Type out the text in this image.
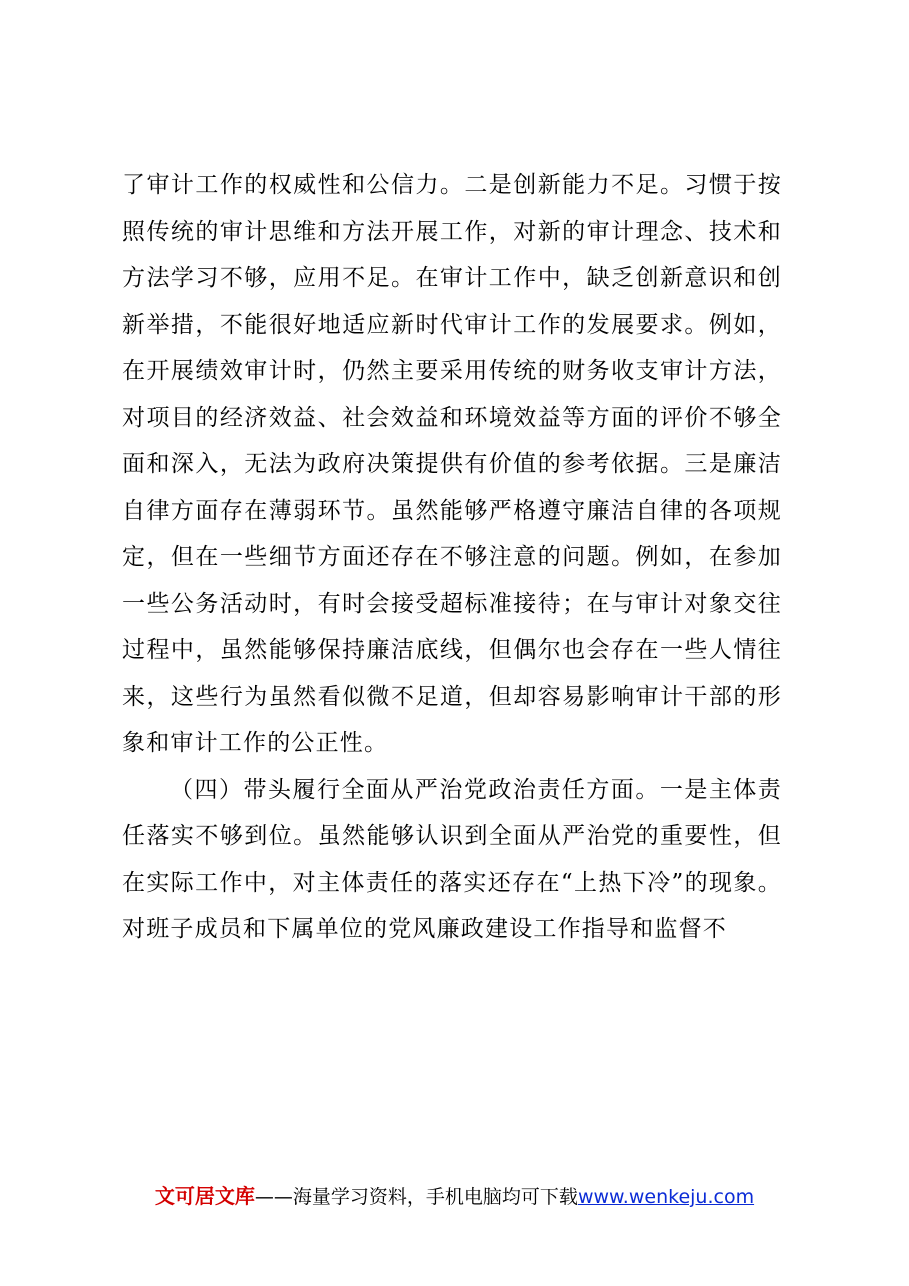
了审计工作的权威性和公信力。二是创新能力不足。习惯于按照传统的审计思维和方法开展工作，对新的审计理念、技术和方法学习不够，应用不足。在审计工作中，缺乏创新意识和创新举措，不能很好地适应新时代审计工作的发展要求。例如，在开展绩效审计时，仍然主要采用传统的财务收支审计方法，对项目的经济效益、社会效益和环境效益等方面的评价不够全面和深入，无法为政府决策提供有价值的参考依据。三是廉洁自律方面存在薄弱环节。虽然能够严格遵守廉洁自律的各项规定，但在一些细节方面还存在不够注意的问题。例如，在参加一些公务活动时，有时会接受超标准接待；在与审计对象交往过程中，虽然能够保持廉洁底线，但偶尔也会存在一些人情往来，这些行为虽然看似微不足道，但却容易影响审计干部的形象和审计工作的公正性。

（四）带头履行全面从严治党政治责任方面。一是主体责任落实不够到位。虽然能够认识到全面从严治党的重要性，但在实际工作中，对主体责任的落实还存在“上热下冷”的现象。对班子成员和下属单位的党风廉政建设工作指导和监督不

文可居文库——海量学习资料，手机电脑均可下载www.wenkeju.com
